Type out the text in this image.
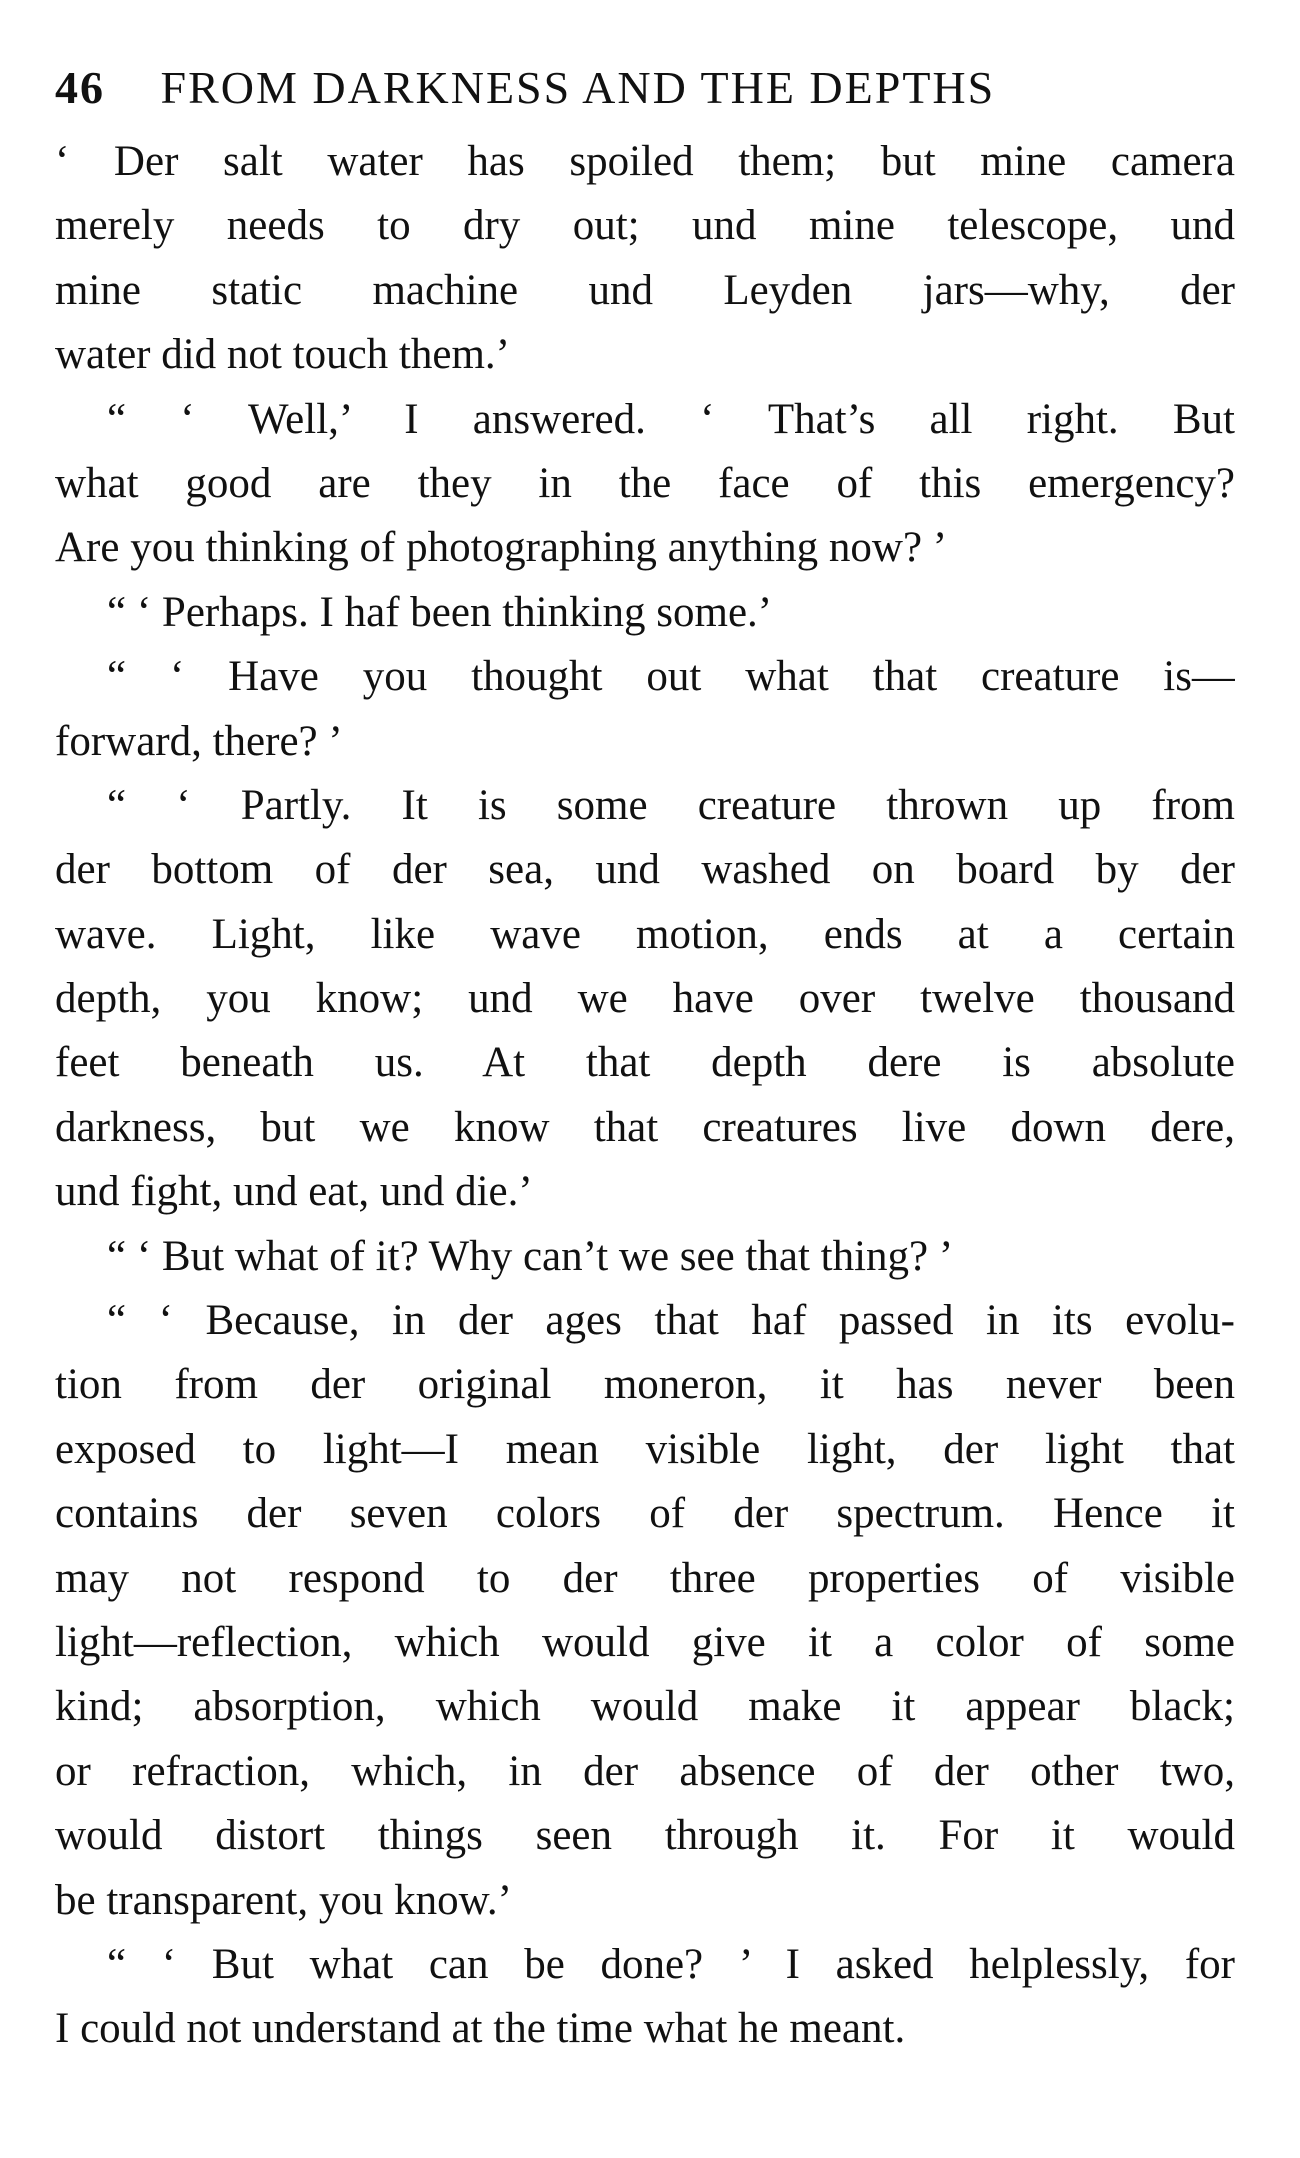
46 FROM DARKNESS AND THE DEPTHS
‘ Der salt water has spoiled them; but mine camera
merely needs to dry out; und mine telescope, und
mine static machine und Leyden jars—why, der
water did not touch them.’
“ ‘ Well,’ I answered. ‘ That’s all right. But
what good are they in the face of this emergency?
Are you thinking of photographing anything now? ’
“ ‘ Perhaps. I haf been thinking some.’
“ ‘ Have you thought out what that creature is—
forward, there? ’
“ ‘ Partly. It is some creature thrown up from
der bottom of der sea, und washed on board by der
wave. Light, like wave motion, ends at a certain
depth, you know; und we have over twelve thousand
feet beneath us. At that depth dere is absolute
darkness, but we know that creatures live down dere,
und fight, und eat, und die.’
“ ‘ But what of it? Why can’t we see that thing? ’
“ ‘ Because, in der ages that haf passed in its evolu-
tion from der original moneron, it has never been
exposed to light—I mean visible light, der light that
contains der seven colors of der spectrum. Hence it
may not respond to der three properties of visible
light—reflection, which would give it a color of some
kind; absorption, which would make it appear black;
or refraction, which, in der absence of der other two,
would distort things seen through it. For it would
be transparent, you know.’
“ ‘ But what can be done? ’ I asked helplessly, for
I could not understand at the time what he meant.
